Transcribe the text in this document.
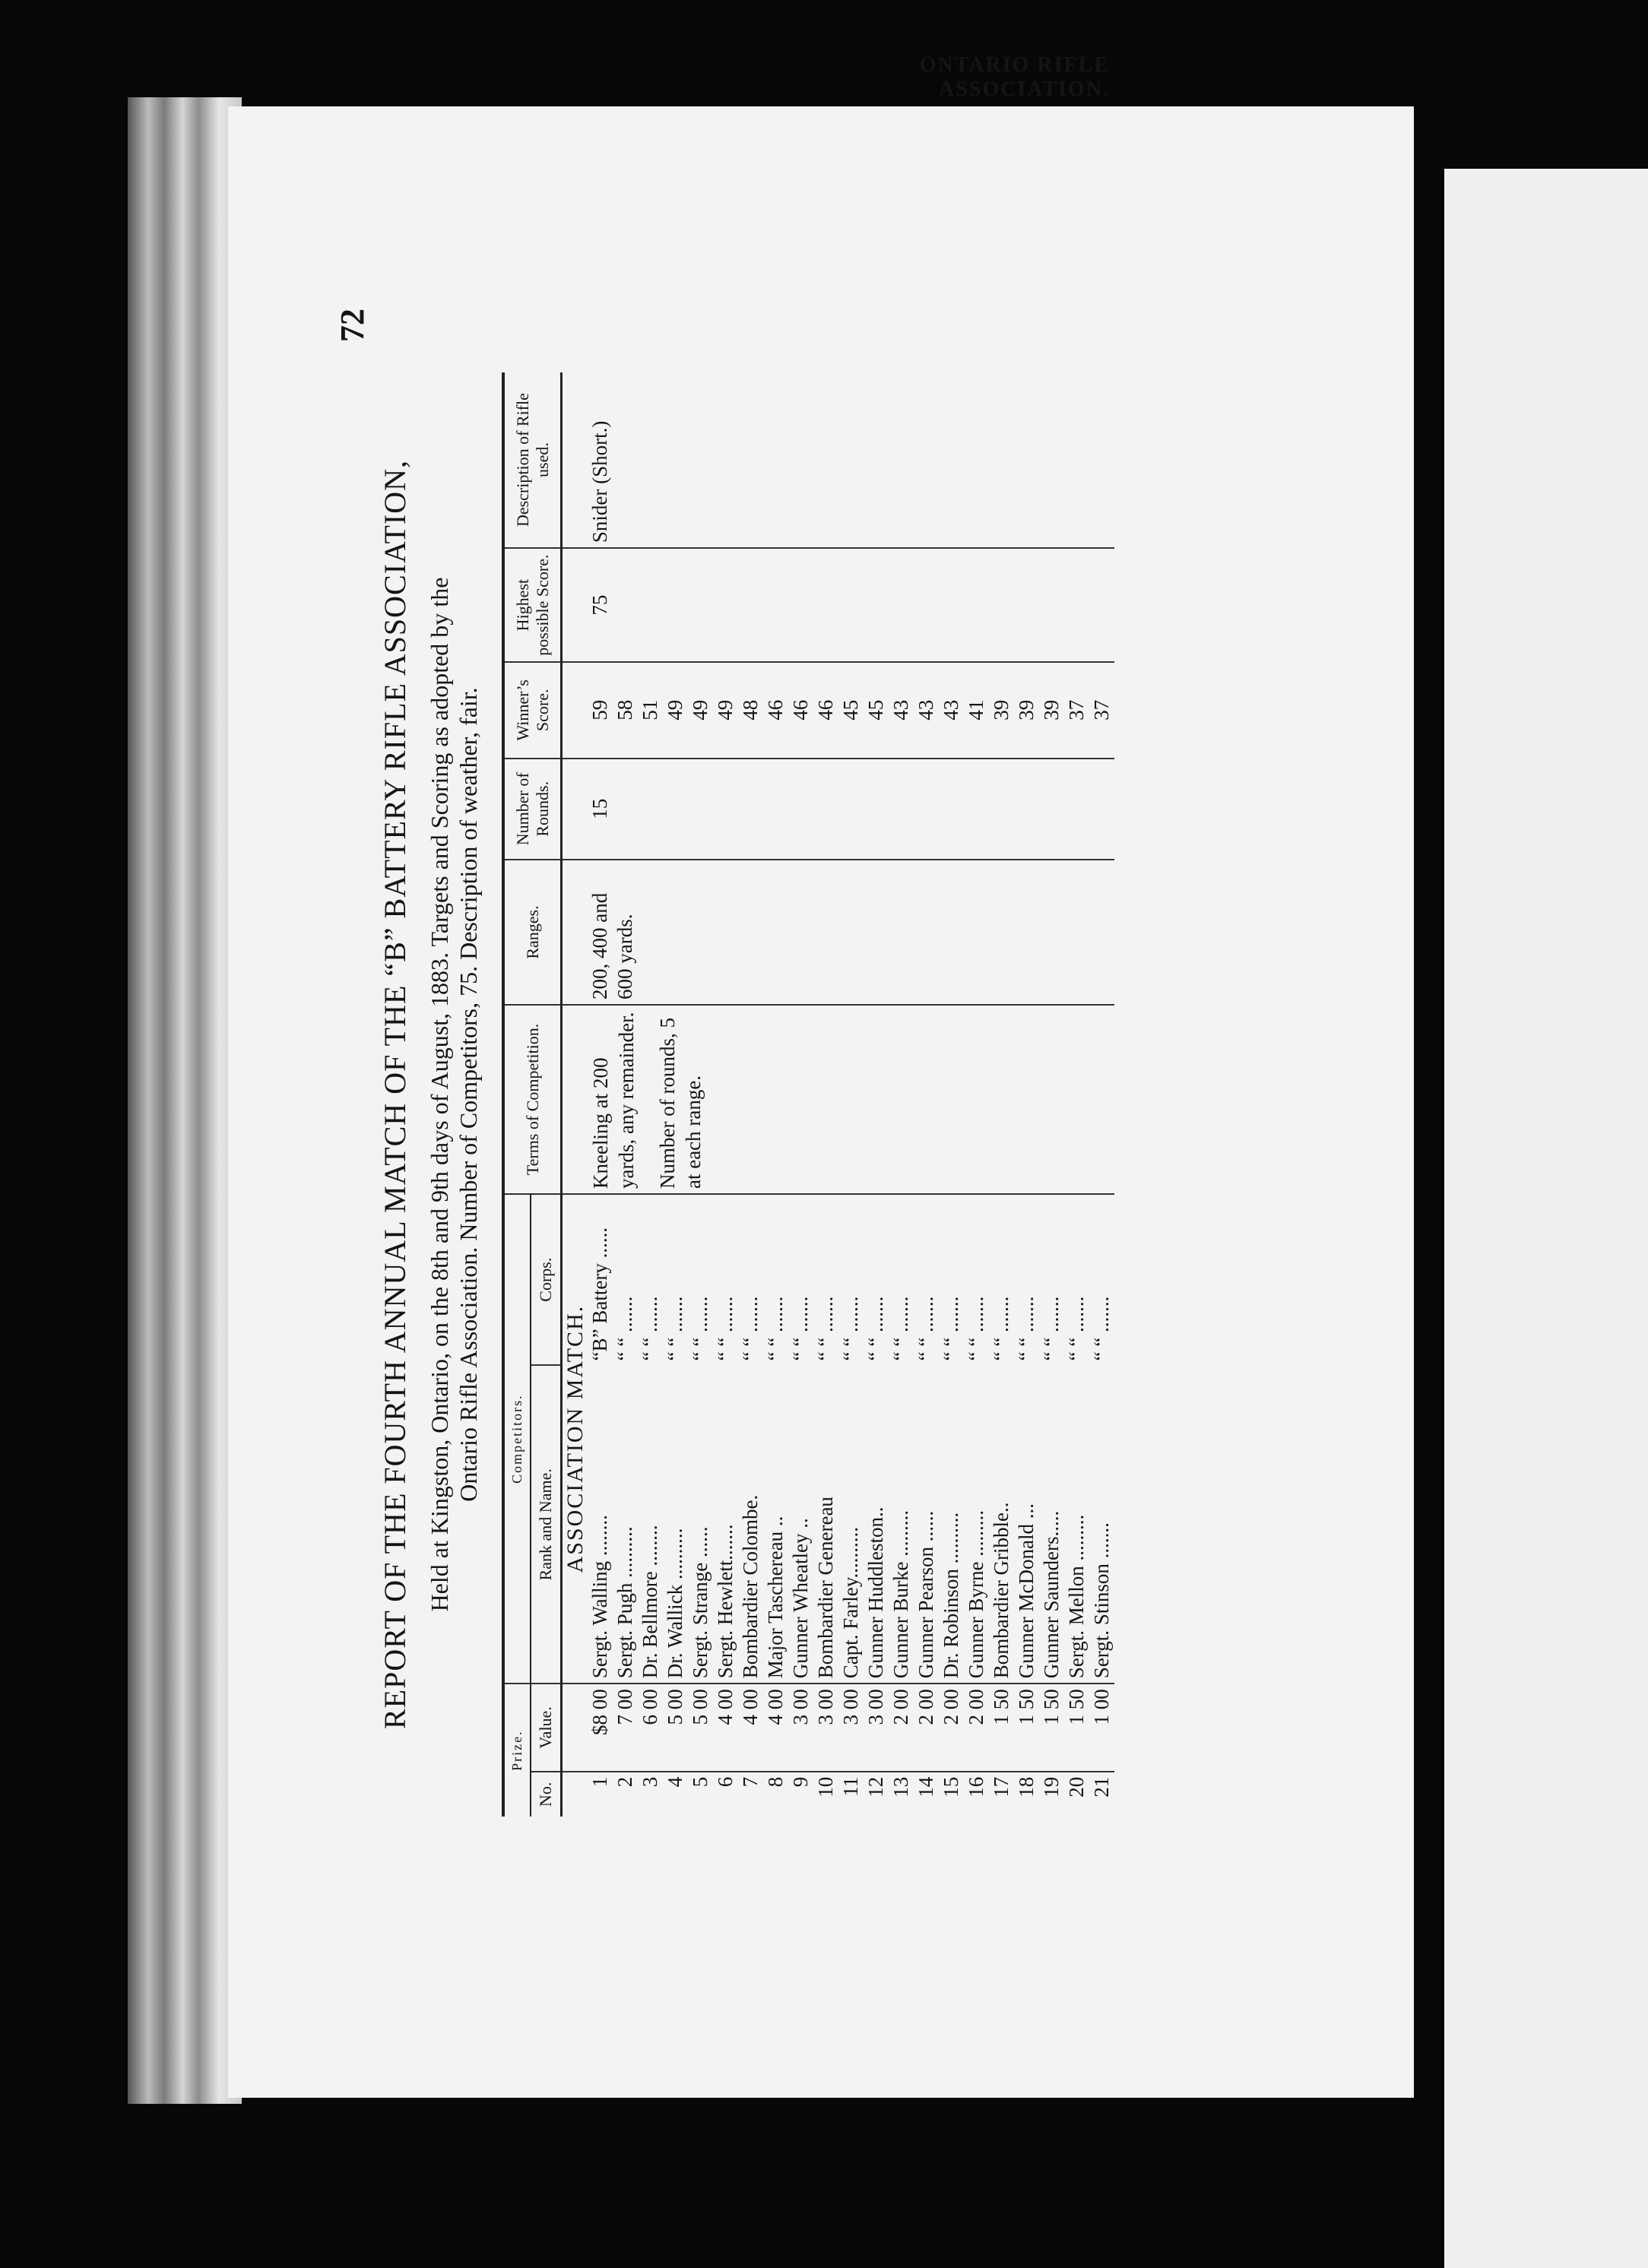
72
ONTARIO RIFLE ASSOCIATION.
REPORT OF THE FOURTH ANNUAL MATCH OF THE “B” BATTERY RIFLE ASSOCIATION, Held at Kingston, Ontario, on the 8th and 9th days of August, 1883. Targets and Scoring as adopted by the Ontario Rifle Association. Number of Competitors, 75. Description of weather, fair.
Prize.		Competitors.		Terms of Competition.	Ranges.	Number of Rounds.	Winner’s Score.	Highest possible Score.	Description of Rifle used.
No.	Value.	Rank and Name.	Corps.						
		ASSOCIATION MATCH.							
1	$8 00	Sergt. Walling ........	“B” Battery ......	Kneeling at 200 yards, any remainder. Number of rounds, 5 at each range.	200, 400 and 600 yards.	15	59	75	Snider (Short.)
2	7 00	Sergt. Pugh ..........	“ “ .......				58		
3	6 00	Dr. Bellmore ........	“ “ .......				51		
4	5 00	Dr. Wallick ..........	“ “ .......				49		
5	5 00	Sergt. Strange ......	“ “ .......				49		
6	4 00	Sergt. Hewlett.......	“ “ .......				49		
7	4 00	Bombardier Colombe.	“ “ .......				48		
8	4 00	Major Taschereau ..	“ “ .......				46		
9	3 00	Gunner Wheatley ..	“ “ .......				46		
10	3 00	Bombardier Genereau	“ “ .......				46		
11	3 00	Capt. Farley..........	“ “ .......				45		
12	3 00	Gunner Huddleston..	“ “ .......				45		
13	2 00	Gunner Burke .........	“ “ .......				43		
14	2 00	Gunner Pearson ......	“ “ .......				43		
15	2 00	Dr. Robinson ..........	“ “ .......				43		
16	2 00	Gunner Byrne .........	“ “ .......				41		
17	1 50	Bombardier Gribble..	“ “ .......				39		
18	1 50	Gunner McDonald ...	“ “ .......				39		
19	1 50	Gunner Saunders.....	“ “ .......				39		
20	1 50	Sergt. Mellon .........	“ “ .......				37		
21	1 00	Sergt. Stinson .......	“ “ .......				37		
